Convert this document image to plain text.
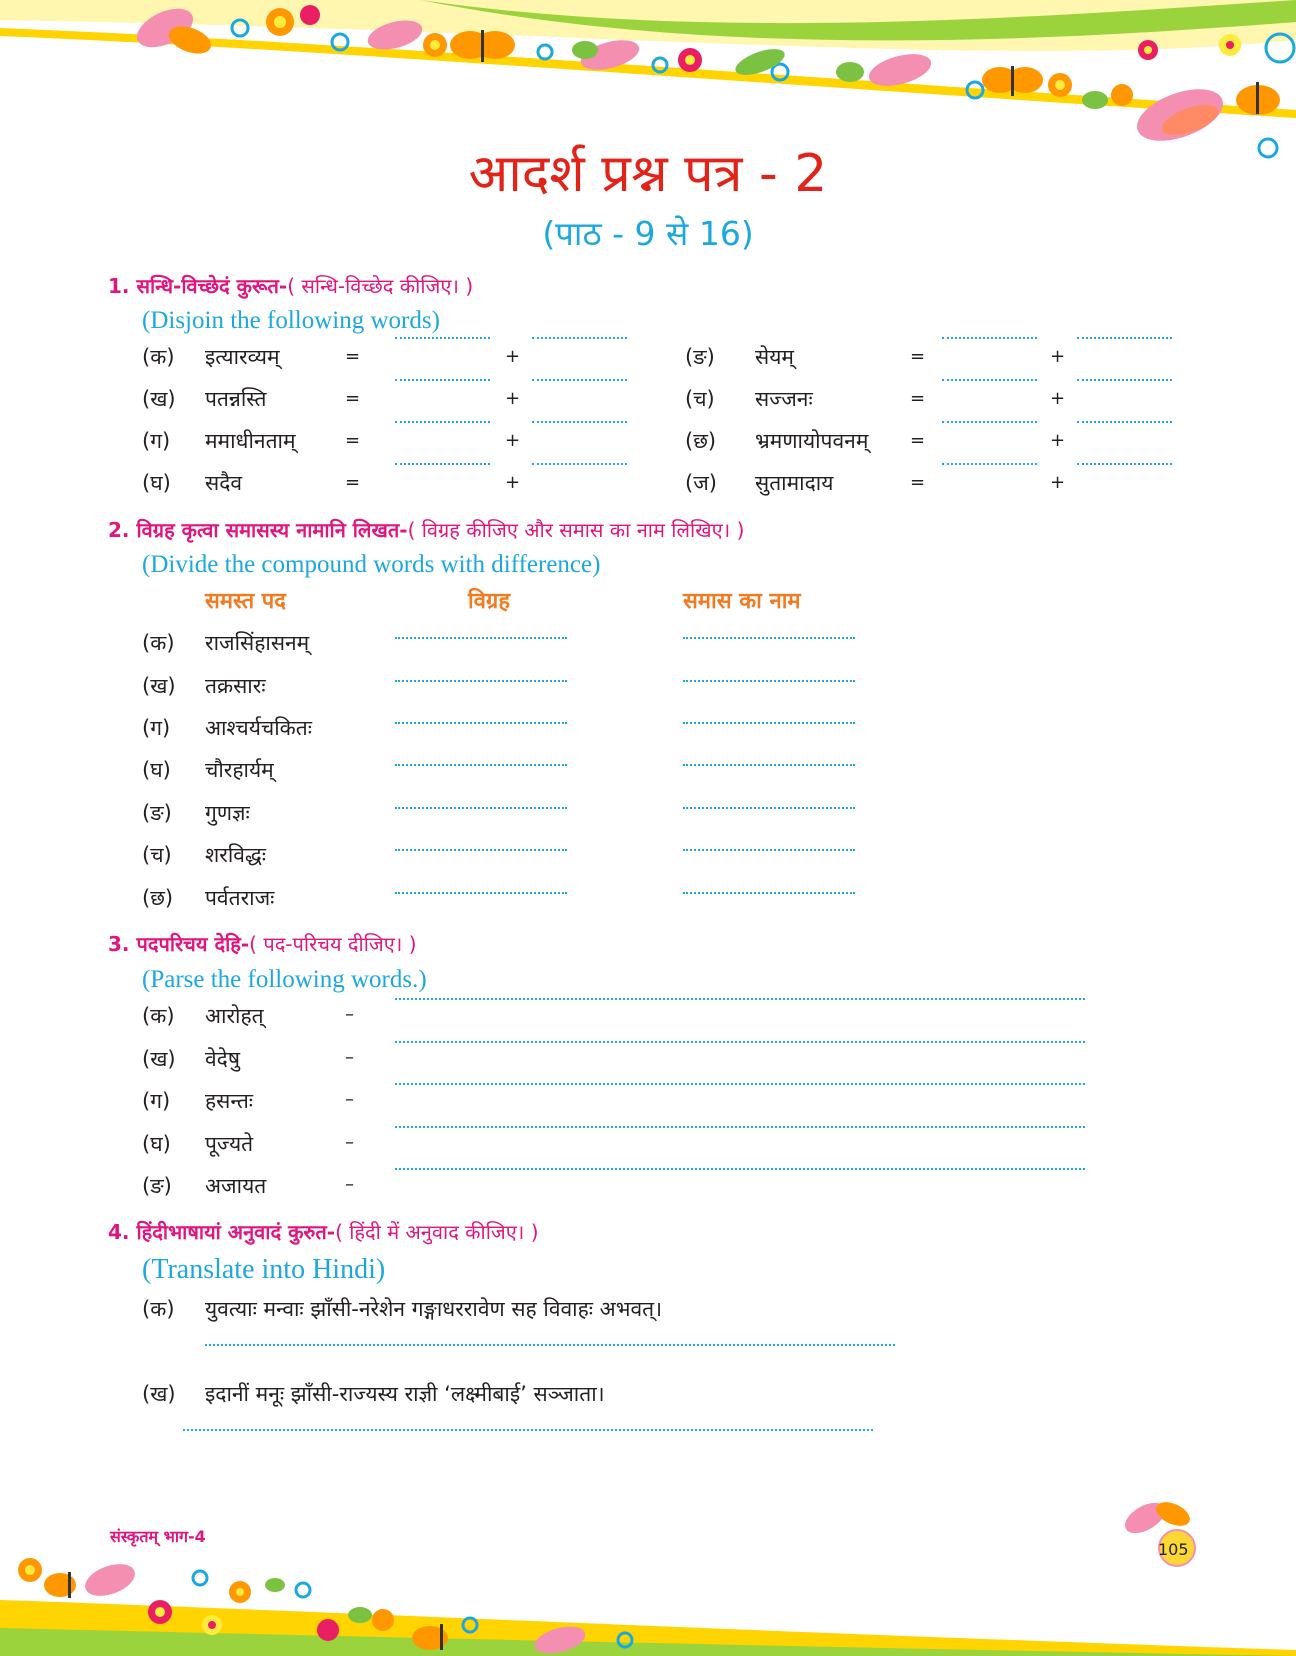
आदर्श प्रश्न पत्र - 2
(पाठ - 9 से 16)
1. सन्धि-विच्छेदं कुरूत-( सन्धि-विच्छेद कीजिए। )
(Disjoin the following words)
(क) इत्यारव्यम्	=	+	(ङ) सेयम्	=	+
(ख) पतन्नस्ति	=	+	(च) सज्जनः	=	+
(ग) ममाधीनताम्	=	+	(छ) भ्रमणायोपवनम् =	+
(घ) सदैव	=	+	(ज) सुतामादाय	=	+
2. विग्रह कृत्वा समासस्य नामानि लिखत-( विग्रह कीजिए और समास का नाम लिखिए। )
(Divide the compound words with difference)
समस्त पद	विग्रह	समास का नाम
(क) राजसिंहासनम्
(ख) तक्रसारः
(ग) आश्चर्यचकितः
(घ) चौरहार्यम्
(ङ) गुणज्ञः
(च) शरविद्धः
(छ) पर्वतराजः
3. पदपरिचय देहि-( पद-परिचय दीजिए। )
(Parse the following words.)
(क) आरोहत्	–
(ख) वेदेषु	–
(ग) हसन्तः	–
(घ) पूज्यते	–
(ङ) अजायत	–
4. हिंदीभाषायां अनुवादं कुरुत-( हिंदी में अनुवाद कीजिए। )
(Translate into Hindi)
(क) युवत्याः मन्वाः झाँसी-नरेशेन गङ्गाधररावेण सह विवाहः अभवत्।
(ख) इदानीं मनूः झाँसी-राज्यस्य राज्ञी ‘लक्ष्मीबाई’ सञ्जाता।
संस्कृतम् भाग-4
105
